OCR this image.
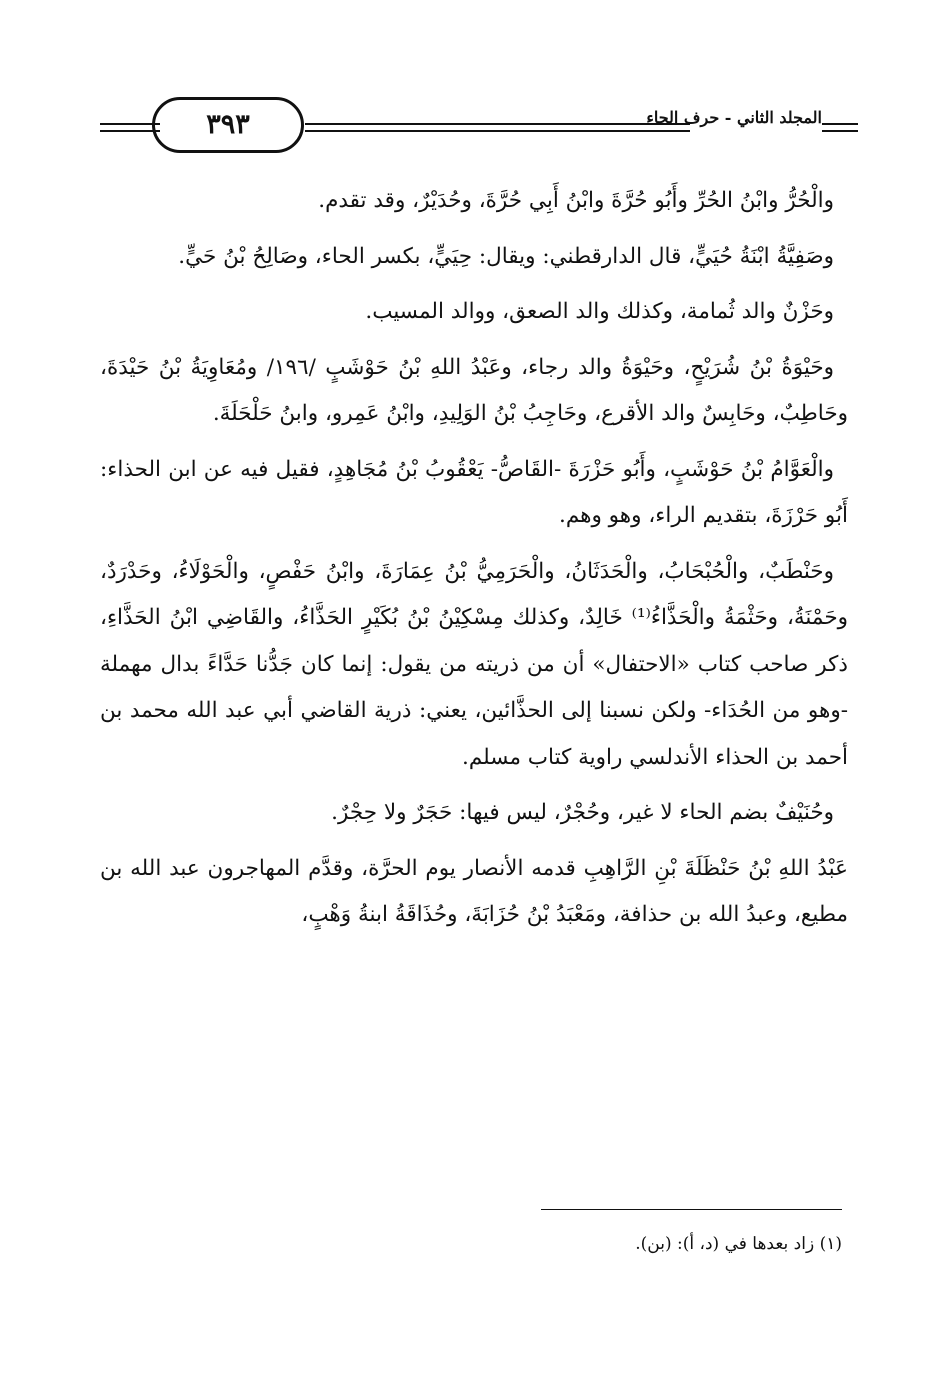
٣٩٣	المجلد الثاني - حرف الحاء

والْحُرُّ وابْنُ الحُرِّ وأَبُو حُرَّةَ وابْنُ أَبِي حُرَّةَ، وحُدَيْرٌ، وقد تقدم.

وصَفِيَّةُ ابْنَةُ حُيَيٍّ، قال الدارقطني: ويقال: حِيَيٍّ، بكسر الحاء، وصَالِحُ بْنُ حَيٍّ.

وحَزْنٌ والد ثُمامة، وكذلك والد الصعق، ووالد المسيب.

وحَيْوَةُ بْنُ شُرَيْحٍ، وحَيْوَةُ والد رجاء، وعَبْدُ اللهِ بْنُ حَوْشَبٍ /١٩٦/ ومُعَاوِيَةُ بْنُ حَيْدَةَ، وحَاطِبٌ، وحَابِسٌ والد الأقرع، وحَاجِبُ بْنُ الوَلِيدِ، وابْنُ عَمِرو، وابنُ حَلْحَلَةَ.

والْعَوَّامُ بْنُ حَوْشَبٍ، وأَبُو حَزْرَةَ -القَاصُّ- يَعْقُوبُ بْنُ مُجَاهِدٍ، فقيل فيه عن ابن الحذاء: أَبُو حَرْزَةَ، بتقديم الراء، وهو وهم.

وحَنْطَبٌ، والْحُبْحَابُ، والْحَدَثَانُ، والْحَرَمِيُّ بْنُ عِمَارَةَ، وابْنُ حَفْصٍ، والْحَوْلَاءُ، وحَدْرَدٌ، وحَمْنَةُ، وحَثْمَةُ والْحَذَّاءُ⁽¹⁾ خَالِدٌ، وكذلك مِسْكِيْنُ بْنُ بُكَيْرٍ الحَذَّاءُ، والقَاضِي ابْنُ الحَذَّاءِ، ذكر صاحب كتاب «الاحتفال» أن من ذريته من يقول: إنما كان جَدُّنا حَدَّاءً بدال مهملة -وهو من الحُدَاء- ولكن نسبنا إلى الحذَّائين، يعني: ذرية القاضي أبي عبد الله محمد بن أحمد بن الحذاء الأندلسي راوية كتاب مسلم.

وحُنَيْفٌ بضم الحاء لا غير، وحُجْرٌ، ليس فيها: حَجَرٌ ولا حِجْرٌ.

عَبْدُ اللهِ بْنُ حَنْظَلَةَ بْنِ الرَّاهِبِ قدمه الأنصار يوم الحرَّة، وقدَّم المهاجرون عبد الله بن مطيع، وعبدُ الله بن حذافة، ومَعْبَدُ بْنُ حُزَابَةَ، وحُذَاقَةُ ابنةُ وَهْبٍ،

(١) زاد بعدها في (د، أ): (بن).
